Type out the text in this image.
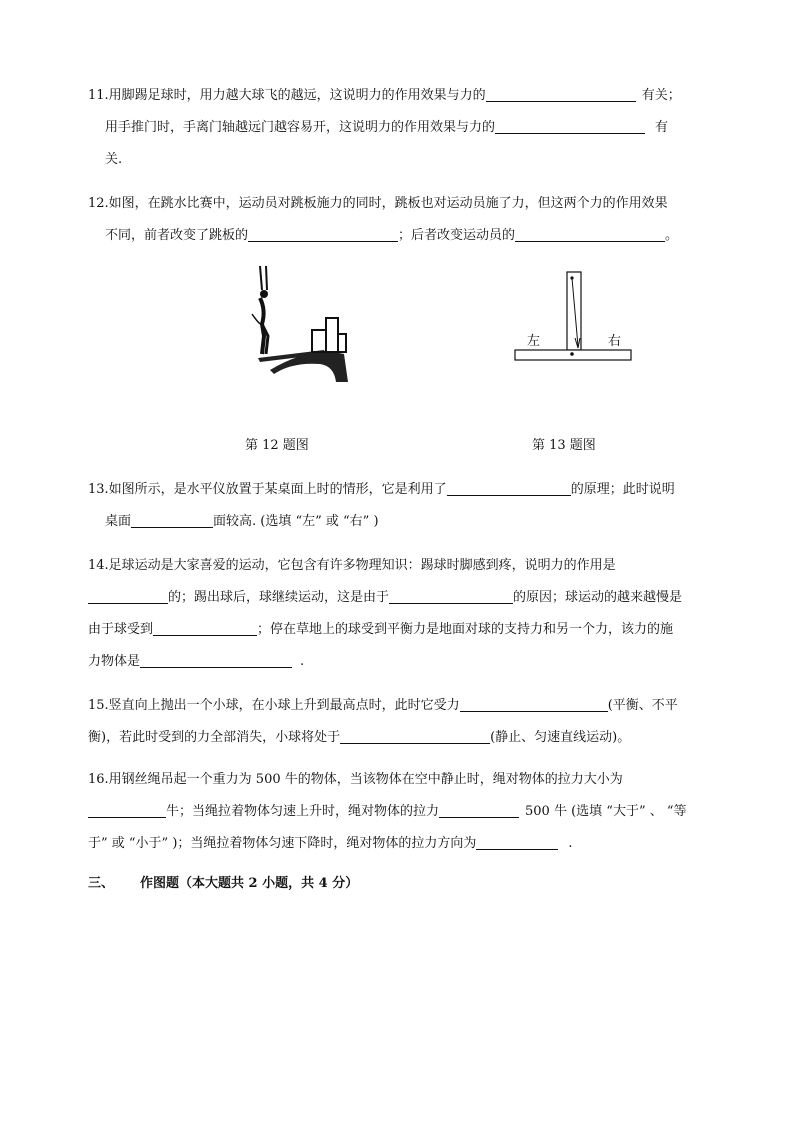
11.用脚踢足球时，用力越大球飞的越远，这说明力的作用效果与力的	有关；
用手推门时，手离门轴越远门越容易开，这说明力的作用效果与力的	有
关.
12.如图，在跳水比赛中，运动员对跳板施力的同时，跳板也对运动员施了力，但这两个力的作用效果
不同，前者改变了跳板的	；后者改变运动员的	。
左	右
第 12 题图	第 13 题图
13.如图所示，是水平仪放置于某桌面上时的情形，它是利用了	的原理；此时说明
桌面	面较高. (选填 “左” 或 “右” )
14.足球运动是大家喜爱的运动，它包含有许多物理知识：踢球时脚感到疼，说明力的作用是
的；踢出球后，球继续运动，这是由于	的原因；球运动的越来越慢是
由于球受到	；停在草地上的球受到平衡力是地面对球的支持力和另一个力，该力的施
力物体是	.
15.竖直向上抛出一个小球，在小球上升到最高点时，此时它受力	(平衡、不平
衡)，若此时受到的力全部消失，小球将处于	(静止、匀速直线运动)。
16.用钢丝绳吊起一个重力为 500 牛的物体，当该物体在空中静止时，绳对物体的拉力大小为
牛；当绳拉着物体匀速上升时，绳对物体的拉力	500 牛 (选填 “大于” 、 “等
于” 或 “小于” )；当绳拉着物体匀速下降时，绳对物体的拉力方向为	.
三、 作图题（本大题共 2 小题，共 4 分）
